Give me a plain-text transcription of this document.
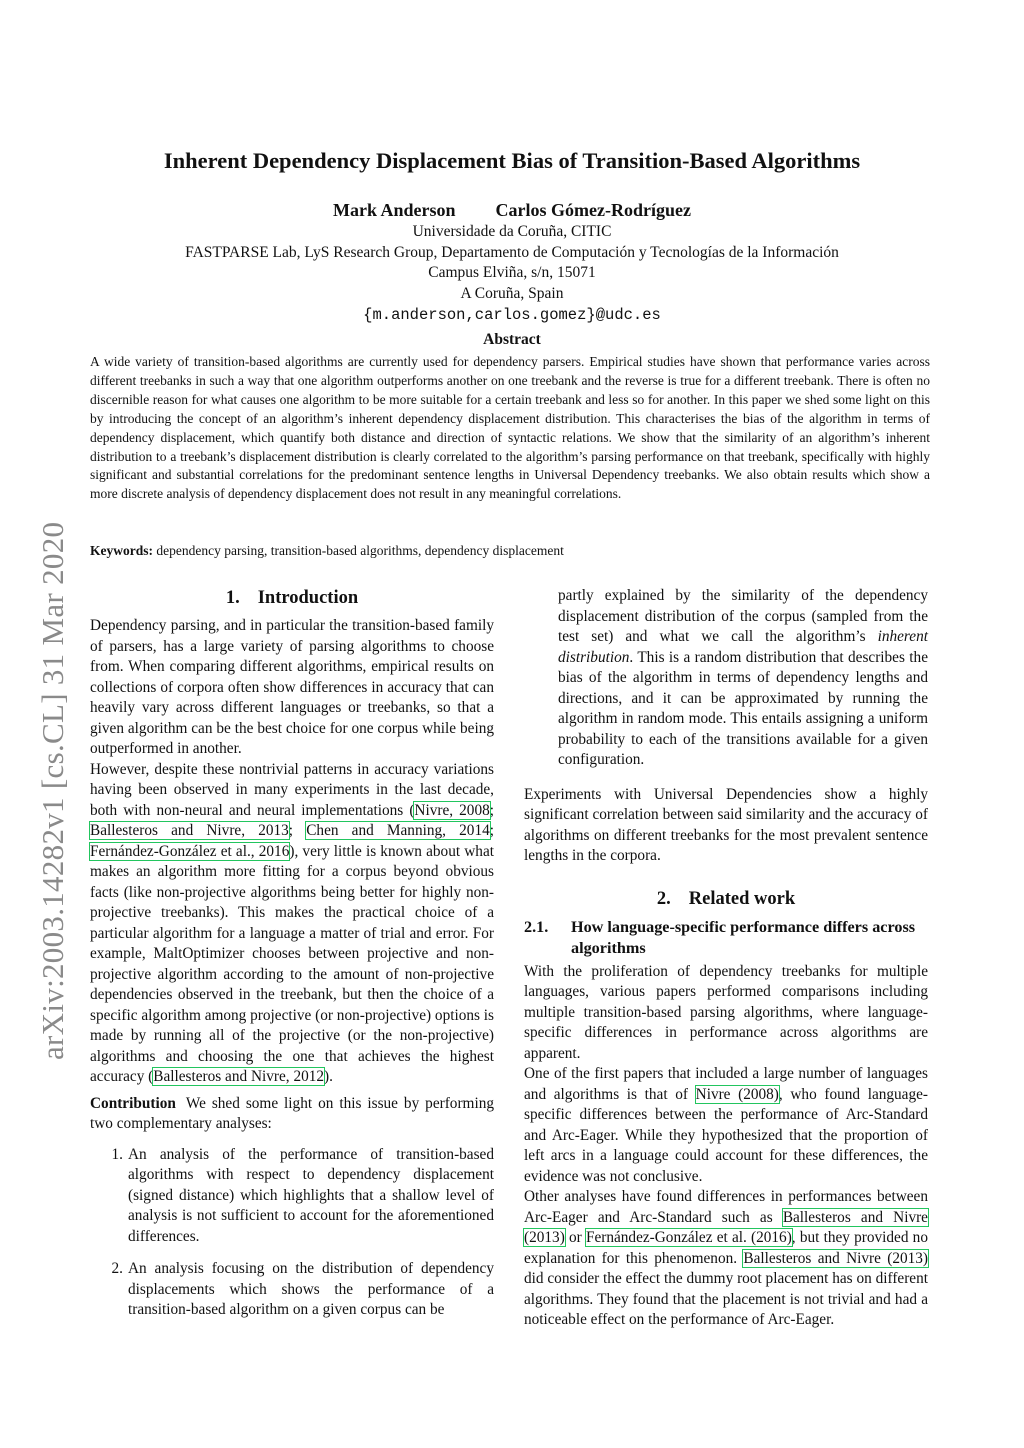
arXiv:2003.14282v1 [cs.CL] 31 Mar 2020
Inherent Dependency Displacement Bias of Transition-Based Algorithms
Mark Anderson Carlos Gómez-Rodríguez
Universidade da Coruña, CITIC
FASTPARSE Lab, LyS Research Group, Departamento de Computación y Tecnologías de la Información
Campus Elviña, s/n, 15071
A Coruña, Spain
{m.anderson,carlos.gomez}@udc.es
Abstract
A wide variety of transition-based algorithms are currently used for dependency parsers. Empirical studies have shown that performance varies across different treebanks in such a way that one algorithm outperforms another on one treebank and the reverse is true for a different treebank. There is often no discernible reason for what causes one algorithm to be more suitable for a certain treebank and less so for another. In this paper we shed some light on this by introducing the concept of an algorithm’s inherent dependency displacement distribution. This characterises the bias of the algorithm in terms of dependency displacement, which quantify both distance and direction of syntactic relations. We show that the similarity of an algorithm’s inherent distribution to a treebank’s displacement distribution is clearly correlated to the algorithm’s parsing performance on that treebank, specifically with highly significant and substantial correlations for the predominant sentence lengths in Universal Dependency treebanks. We also obtain results which show a more discrete analysis of dependency displacement does not result in any meaningful correlations.
Keywords: dependency parsing, transition-based algorithms, dependency displacement
1. Introduction

Dependency parsing, and in particular the transition-based family of parsers, has a large variety of parsing algorithms to choose from. When comparing different algorithms, empirical results on collections of corpora often show differences in accuracy that can heavily vary across different languages or treebanks, so that a given algorithm can be the best choice for one corpus while being outperformed in another.

However, despite these nontrivial patterns in accuracy variations having been observed in many experiments in the last decade, both with non-neural and neural implementations (Nivre, 2008; Ballesteros and Nivre, 2013; Chen and Manning, 2014; Fernández-González et al., 2016), very little is known about what makes an algorithm more fitting for a corpus beyond obvious facts (like non-projective algorithms being better for highly non-projective treebanks). This makes the practical choice of a particular algorithm for a language a matter of trial and error. For example, MaltOptimizer chooses between projective and non-projective algorithm according to the amount of non-projective dependencies observed in the treebank, but then the choice of a specific algorithm among projective (or non-projective) options is made by running all of the projective (or the non-projective) algorithms and choosing the one that achieves the highest accuracy (Ballesteros and Nivre, 2012).

Contribution We shed some light on this issue by performing two complementary analyses:

1. An analysis of the performance of transition-based algorithms with respect to dependency displacement (signed distance) which highlights that a shallow level of analysis is not sufficient to account for the aforementioned differences.
2. An analysis focusing on the distribution of dependency displacements which shows the performance of a transition-based algorithm on a given corpus can be

partly explained by the similarity of the dependency displacement distribution of the corpus (sampled from the test set) and what we call the algorithm’s inherent distribution. This is a random distribution that describes the bias of the algorithm in terms of dependency lengths and directions, and it can be approximated by running the algorithm in random mode. This entails assigning a uniform probability to each of the transitions available for a given configuration.

Experiments with Universal Dependencies show a highly significant correlation between said similarity and the accuracy of algorithms on different treebanks for the most prevalent sentence lengths in the corpora.

2. Related work
2.1.	How language-specific performance differs across algorithms

With the proliferation of dependency treebanks for multiple languages, various papers performed comparisons including multiple transition-based parsing algorithms, where language-specific differences in performance across algorithms are apparent.

One of the first papers that included a large number of languages and algorithms is that of Nivre (2008), who found language-specific differences between the performance of Arc-Standard and Arc-Eager. While they hypothesized that the proportion of left arcs in a language could account for these differences, the evidence was not conclusive.

Other analyses have found differences in performances between Arc-Eager and Arc-Standard such as Ballesteros and Nivre (2013) or Fernández-González et al. (2016), but they provided no explanation for this phenomenon. Ballesteros and Nivre (2013) did consider the effect the dummy root placement has on different algorithms. They found that the placement is not trivial and had a noticeable effect on the performance of Arc-Eager.
